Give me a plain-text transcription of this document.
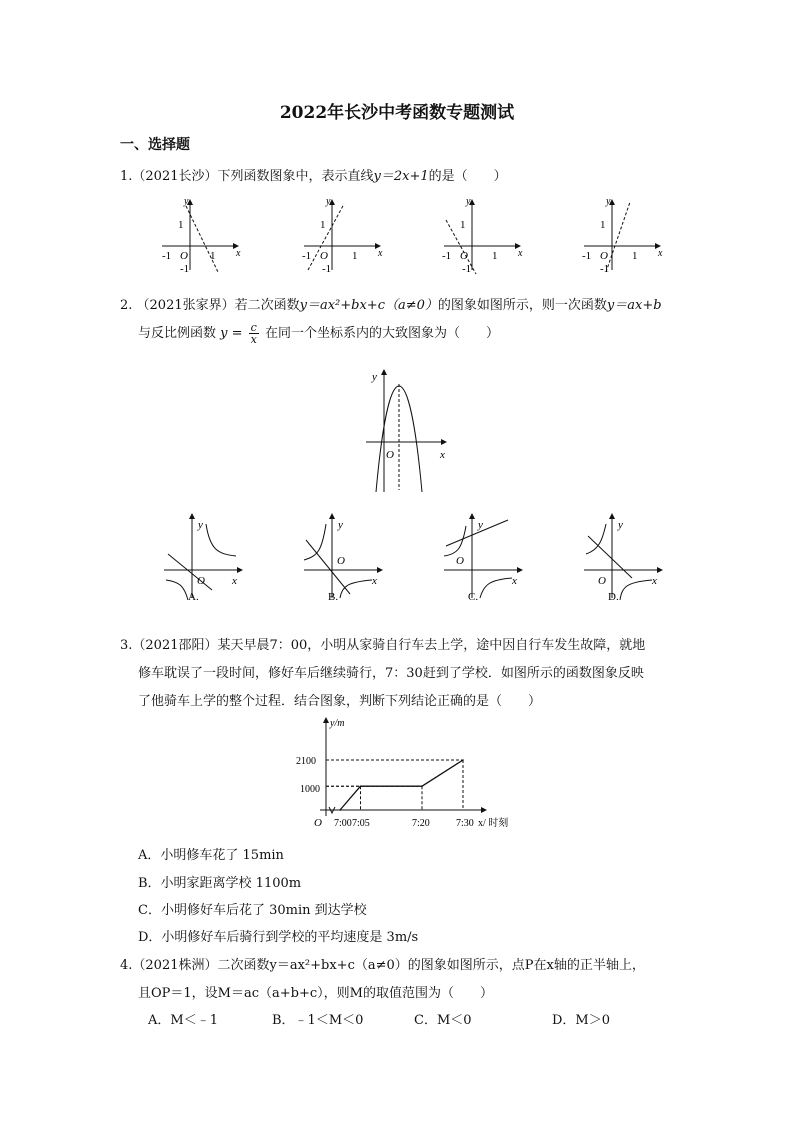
2022年长沙中考函数专题测试
一、选择题
1.（2021长沙）下列函数图象中，表示直线y＝2x+1的是（　　）
y
x
1
-1 O 1
-1
y
x
1
-1 O 1
-1
y
x
1
-1 O 1
-1
y
x
1
-1 O 1
-1
2. （2021张家界）若二次函数y＝ax²+bx+c（a≠0）的图象如图所示，则一次函数y＝ax+b
与反比例函数 $y = \frac{c}{x}$ 在同一个坐标系内的大致图象为（　　）
y
x
O
y
x
O
A.
y
x
O
B.
y
x
O
C.
y
x
O
D.
3.（2021邵阳）某天早晨7：00，小明从家骑自行车去上学，途中因自行车发生故障，就地
修车耽误了一段时间，修好车后继续骑行，7：30赶到了学校．如图所示的函数图象反映
了他骑车上学的整个过程．结合图象，判断下列结论正确的是（　　）
y/m
x/ 时刻
O
2100
1000
7:00 7:05	7:20	7:30
A．小明修车花了 15min
B．小明家距离学校 1100m
C．小明修好车后花了 30min 到达学校
D．小明修好车后骑行到学校的平均速度是 3m/s
4.（2021株洲）二次函数y＝ax²+bx+c（a≠0）的图象如图所示，点P在x轴的正半轴上，
且OP＝1，设M＝ac（a+b+c），则M的取值范围为（　　）
A．M＜﹣1	B．﹣1＜M＜0	C．M＜0	D．M＞0
